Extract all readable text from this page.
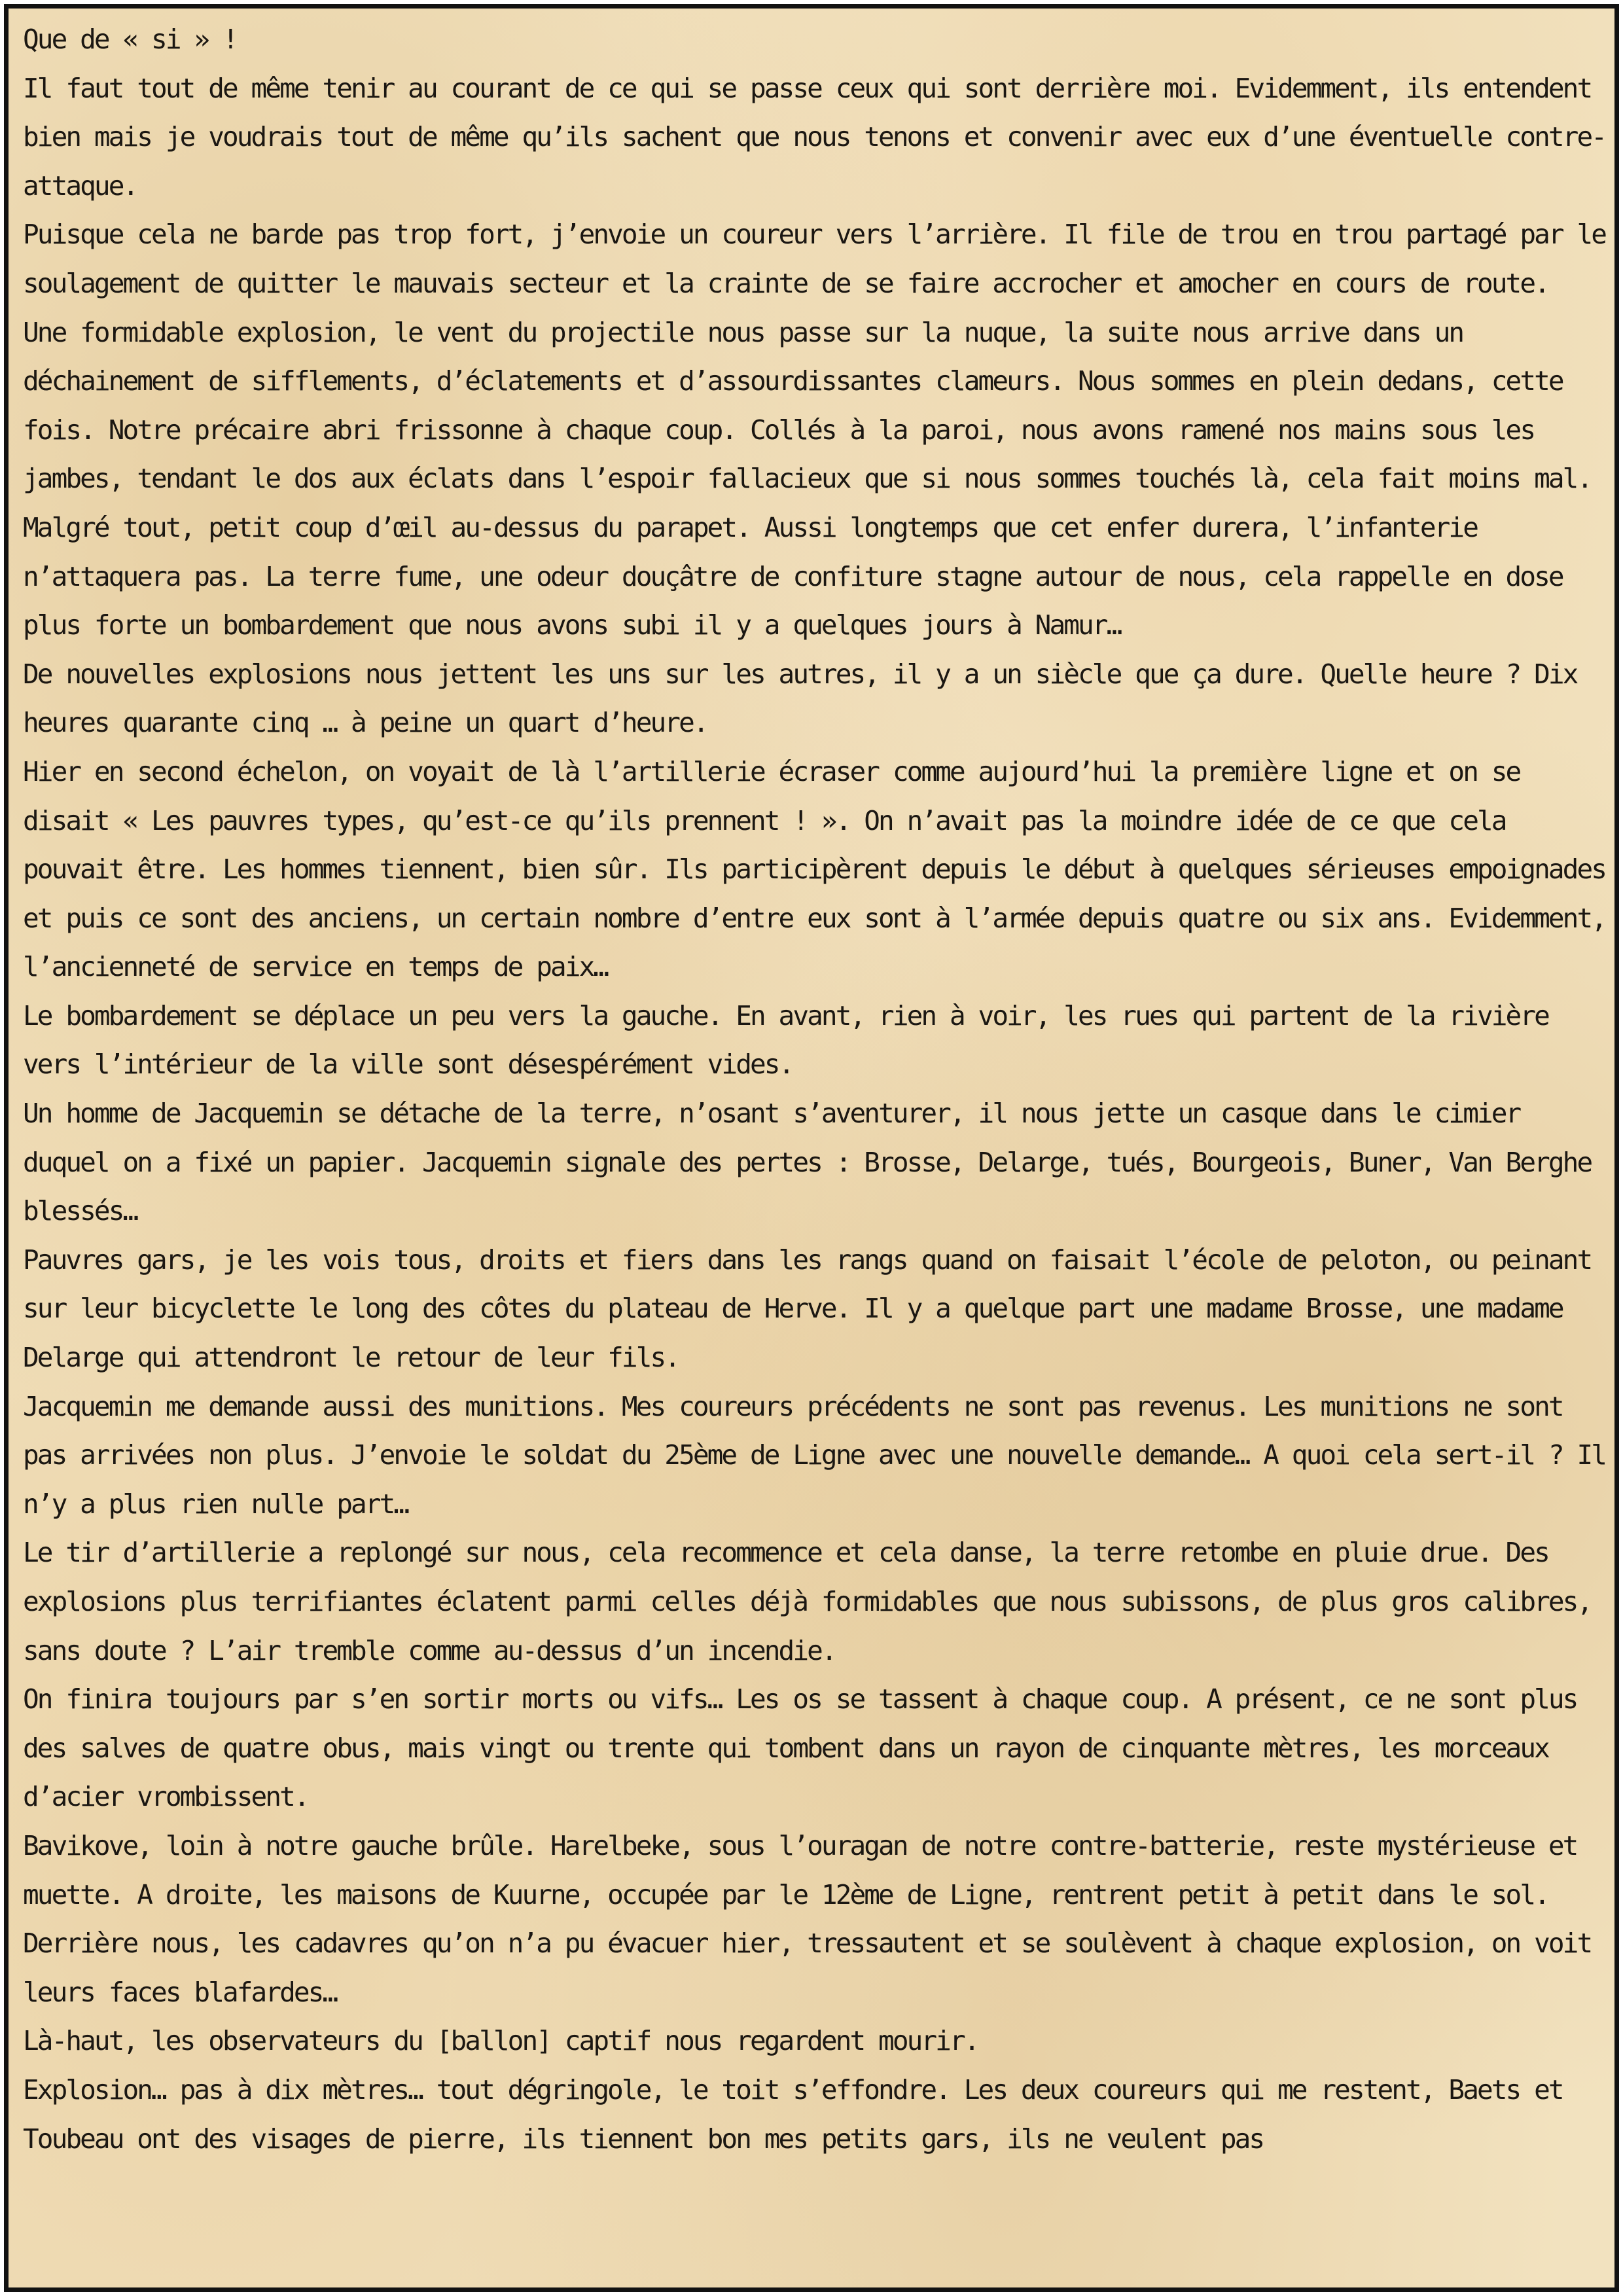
Que de « si » !

Il faut tout de même tenir au courant de ce qui se passe ceux qui sont derrière moi. Evidemment, ils entendent bien mais je voudrais tout de même qu’ils sachent que nous tenons et convenir avec eux d’une éventuelle contre-attaque.

Puisque cela ne barde pas trop fort, j’envoie un coureur vers l’arrière. Il file de trou en trou partagé par le soulagement de quitter le mauvais secteur et la crainte de se faire accrocher et amocher en cours de route.

Une formidable explosion, le vent du projectile nous passe sur la nuque, la suite nous arrive dans un déchainement de sifflements, d’éclatements et d’assourdissantes clameurs. Nous sommes en plein dedans, cette fois. Notre précaire abri frissonne à chaque coup. Collés à la paroi, nous avons ramené nos mains sous les jambes, tendant le dos aux éclats dans l’espoir fallacieux que si nous sommes touchés là, cela fait moins mal.

Malgré tout, petit coup d’œil au-dessus du parapet. Aussi longtemps que cet enfer durera, l’infanterie n’attaquera pas. La terre fume, une odeur douçâtre de confiture stagne autour de nous, cela rappelle en dose plus forte un bombardement que nous avons subi il y a quelques jours à Namur…

De nouvelles explosions nous jettent les uns sur les autres, il y a un siècle que ça dure. Quelle heure ? Dix heures quarante cinq … à peine un quart d’heure.

Hier en second échelon, on voyait de là l’artillerie écraser comme aujourd’hui la première ligne et on se disait « Les pauvres types, qu’est-ce qu’ils prennent ! ». On n’avait pas la moindre idée de ce que cela pouvait être. Les hommes tiennent, bien sûr. Ils participèrent depuis le début à quelques sérieuses empoignades et puis ce sont des anciens, un certain nombre d’entre eux sont à l’armée depuis quatre ou six ans. Evidemment, l’ancienneté de service en temps de paix…

Le bombardement se déplace un peu vers la gauche. En avant, rien à voir, les rues qui partent de la rivière vers l’intérieur de la ville sont désespérément vides.

Un homme de Jacquemin se détache de la terre, n’osant s’aventurer, il nous jette un casque dans le cimier duquel on a fixé un papier. Jacquemin signale des pertes : Brosse, Delarge, tués, Bourgeois, Buner, Van Berghe blessés…

Pauvres gars, je les vois tous, droits et fiers dans les rangs quand on faisait l’école de peloton, ou peinant sur leur bicyclette le long des côtes du plateau de Herve. Il y a quelque part une madame Brosse, une madame Delarge qui attendront le retour de leur fils.

Jacquemin me demande aussi des munitions. Mes coureurs précédents ne sont pas revenus. Les munitions ne sont pas arrivées non plus. J’envoie le soldat du 25ème de Ligne avec une nouvelle demande… A quoi cela sert-il ? Il n’y a plus rien nulle part…

Le tir d’artillerie a replongé sur nous, cela recommence et cela danse, la terre retombe en pluie drue. Des explosions plus terrifiantes éclatent parmi celles déjà formidables que nous subissons, de plus gros calibres, sans doute ? L’air tremble comme au-dessus d’un incendie.

On finira toujours par s’en sortir morts ou vifs… Les os se tassent à chaque coup. A présent, ce ne sont plus des salves de quatre obus, mais vingt ou trente qui tombent dans un rayon de cinquante mètres, les morceaux d’acier vrombissent.

Bavikove, loin à notre gauche brûle. Harelbeke, sous l’ouragan de notre contre-batterie, reste mystérieuse et muette. A droite, les maisons de Kuurne, occupée par le 12ème de Ligne, rentrent petit à petit dans le sol. Derrière nous, les cadavres qu’on n’a pu évacuer hier, tressautent et se soulèvent à chaque explosion, on voit leurs faces blafardes…

Là-haut, les observateurs du [ballon] captif nous regardent mourir.

Explosion… pas à dix mètres… tout dégringole, le toit s’effondre. Les deux coureurs qui me restent, Baets et Toubeau ont des visages de pierre, ils tiennent bon mes petits gars, ils ne veulent pas
